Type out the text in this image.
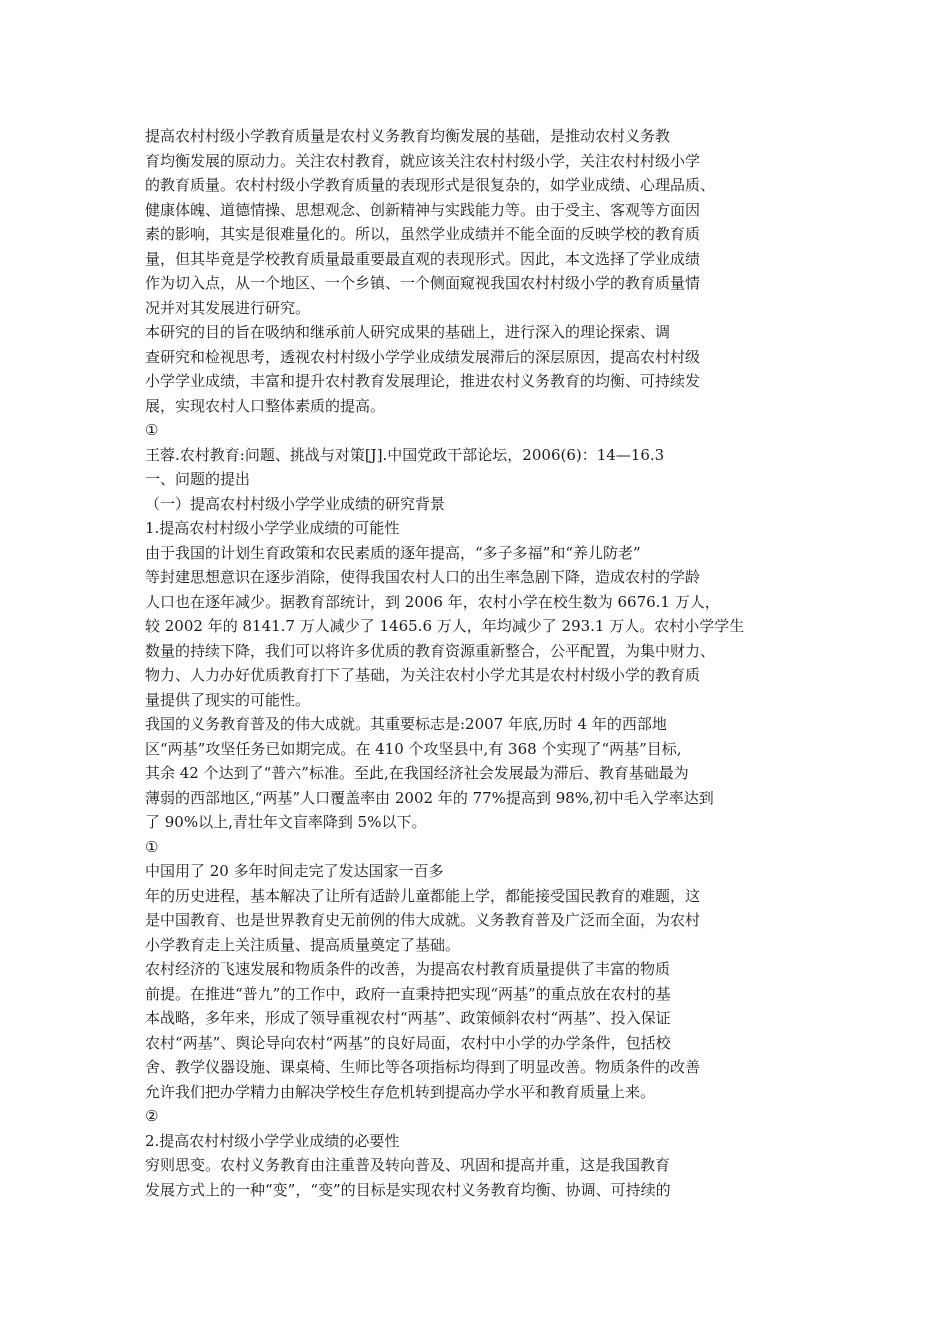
提高农村村级小学教育质量是农村义务教育均衡发展的基础，是推动农村义务教
育均衡发展的原动力。关注农村教育，就应该关注农村村级小学，关注农村村级小学
的教育质量。农村村级小学教育质量的表现形式是很复杂的，如学业成绩、心理品质、
健康体魄、道德情操、思想观念、创新精神与实践能力等。由于受主、客观等方面因
素的影响，其实是很难量化的。所以，虽然学业成绩并不能全面的反映学校的教育质
量，但其毕竟是学校教育质量最重要最直观的表现形式。因此，本文选择了学业成绩
作为切入点，从一个地区、一个乡镇、一个侧面窥视我国农村村级小学的教育质量情
况并对其发展进行研究。
本研究的目的旨在吸纳和继承前人研究成果的基础上，进行深入的理论探索、调
查研究和检视思考，透视农村村级小学学业成绩发展滞后的深层原因，提高农村村级
小学学业成绩，丰富和提升农村教育发展理论，推进农村义务教育的均衡、可持续发
展，实现农村人口整体素质的提高。
①
王蓉.农村教育:问题、挑战与对策[J].中国党政干部论坛，2006(6)：14—16.3
一、问题的提出
（一）提高农村村级小学学业成绩的研究背景
1.提高农村村级小学学业成绩的可能性
由于我国的计划生育政策和农民素质的逐年提高，“多子多福”和“养儿防老”
等封建思想意识在逐步消除，使得我国农村人口的出生率急剧下降，造成农村的学龄
人口也在逐年减少。据教育部统计，到 2006 年，农村小学在校生数为 6676.1 万人，
较 2002 年的 8141.7 万人减少了 1465.6 万人，年均减少了 293.1 万人。农村小学学生
数量的持续下降，我们可以将许多优质的教育资源重新整合，公平配置，为集中财力、
物力、人力办好优质教育打下了基础，为关注农村小学尤其是农村村级小学的教育质
量提供了现实的可能性。
我国的义务教育普及的伟大成就。其重要标志是:2007 年底,历时 4 年的西部地
区“两基”攻坚任务已如期完成。在 410 个攻坚县中,有 368 个实现了“两基”目标,
其余 42 个达到了“普六”标准。至此,在我国经济社会发展最为滞后、教育基础最为
薄弱的西部地区,“两基”人口覆盖率由 2002 年的 77%提高到 98%,初中毛入学率达到
了 90%以上,青壮年文盲率降到 5%以下。
①
中国用了 20 多年时间走完了发达国家一百多
年的历史进程，基本解决了让所有适龄儿童都能上学，都能接受国民教育的难题，这
是中国教育、也是世界教育史无前例的伟大成就。义务教育普及广泛而全面，为农村
小学教育走上关注质量、提高质量奠定了基础。
农村经济的飞速发展和物质条件的改善，为提高农村教育质量提供了丰富的物质
前提。在推进“普九”的工作中，政府一直秉持把实现“两基”的重点放在农村的基
本战略，多年来，形成了领导重视农村“两基”、政策倾斜农村“两基”、投入保证
农村“两基”、舆论导向农村“两基”的良好局面，农村中小学的办学条件，包括校
舍、教学仪器设施、课桌椅、生师比等各项指标均得到了明显改善。物质条件的改善
允许我们把办学精力由解决学校生存危机转到提高办学水平和教育质量上来。
②
2.提高农村村级小学学业成绩的必要性
穷则思变。农村义务教育由注重普及转向普及、巩固和提高并重，这是我国教育
发展方式上的一种“变”，“变”的目标是实现农村义务教育均衡、协调、可持续的
